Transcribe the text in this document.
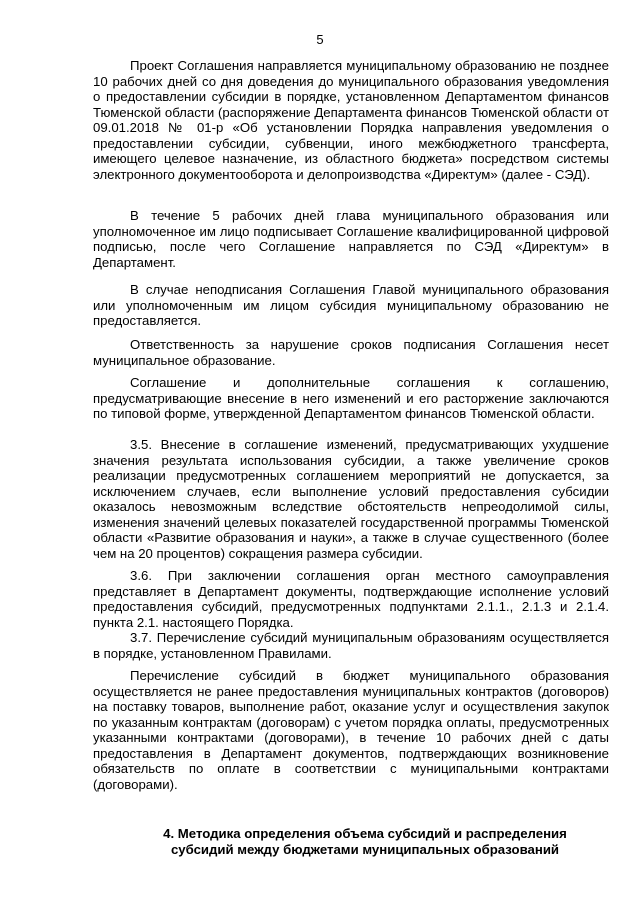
5

Проект Соглашения направляется муниципальному образованию не позднее 10 рабочих дней со дня доведения до муниципального образования уведомления о предоставлении субсидии в порядке, установленном Департаментом финансов Тюменской области (распоряжение Департамента финансов Тюменской области от 09.01.2018 № 01-р «Об установлении Порядка направления уведомления о предоставлении субсидии, субвенции, иного межбюджетного трансферта, имеющего целевое назначение, из областного бюджета» посредством системы электронного документооборота и делопроизводства «Директум» (далее - СЭД).

В течение 5 рабочих дней глава муниципального образования или уполномоченное им лицо подписывает Соглашение квалифицированной цифровой подписью, после чего Соглашение направляется по СЭД «Директум» в Департамент.

В случае неподписания Соглашения Главой муниципального образования или уполномоченным им лицом субсидия муниципальному образованию не предоставляется.

Ответственность за нарушение сроков подписания Соглашения несет муниципальное образование.

Соглашение и дополнительные соглашения к соглашению, предусматривающие внесение в него изменений и его расторжение заключаются по типовой форме, утвержденной Департаментом финансов Тюменской области.

3.5. Внесение в соглашение изменений, предусматривающих ухудшение значения результата использования субсидии, а также увеличение сроков реализации предусмотренных соглашением мероприятий не допускается, за исключением случаев, если выполнение условий предоставления субсидии оказалось невозможным вследствие обстоятельств непреодолимой силы, изменения значений целевых показателей государственной программы Тюменской области «Развитие образования и науки», а также в случае существенного (более чем на 20 процентов) сокращения размера субсидии.

3.6. При заключении соглашения орган местного самоуправления представляет в Департамент документы, подтверждающие исполнение условий предоставления субсидий, предусмотренных подпунктами 2.1.1., 2.1.3 и 2.1.4. пункта 2.1. настоящего Порядка.

3.7. Перечисление субсидий муниципальным образованиям осуществляется в порядке, установленном Правилами.

Перечисление субсидий в бюджет муниципального образования осуществляется не ранее предоставления муниципальных контрактов (договоров) на поставку товаров, выполнение работ, оказание услуг и осуществления закупок по указанным контрактам (договорам) с учетом порядка оплаты, предусмотренных указанными контрактами (договорами), в течение 10 рабочих дней с даты предоставления в Департамент документов, подтверждающих возникновение обязательств по оплате в соответствии с муниципальными контрактами (договорами).

4. Методика определения объема субсидий и распределения субсидий между бюджетами муниципальных образований
